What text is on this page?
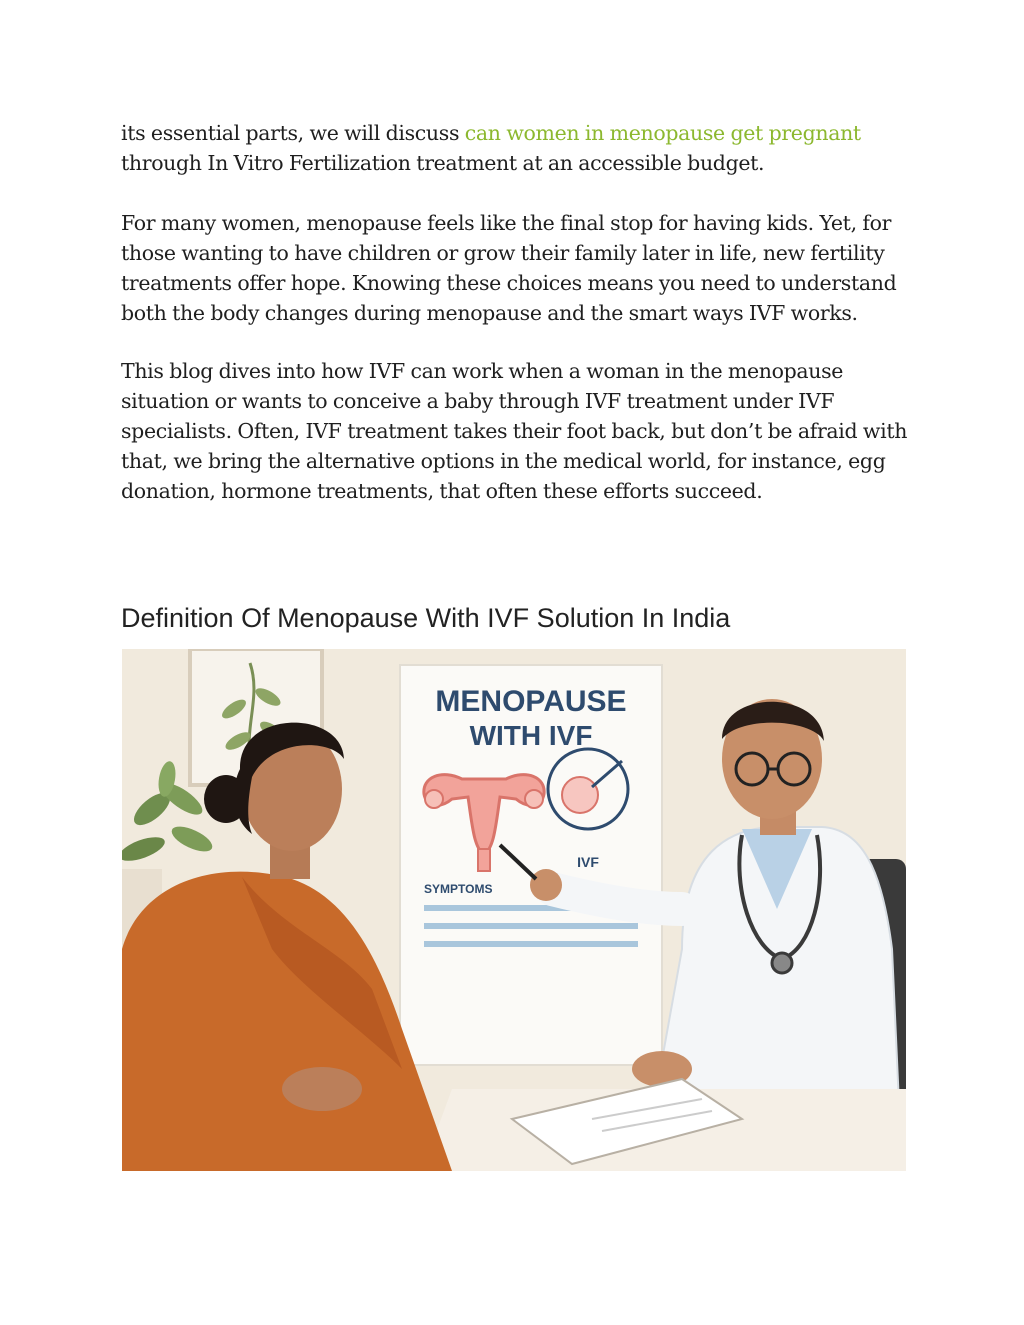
its essential parts, we will discuss can women in menopause get pregnant through In Vitro Fertilization treatment at an accessible budget.

For many women, menopause feels like the final stop for having kids. Yet, for those wanting to have children or grow their family later in life, new fertility treatments offer hope. Knowing these choices means you need to understand both the body changes during menopause and the smart ways IVF works.

This blog dives into how IVF can work when a woman in the menopause situation or wants to conceive a baby through IVF treatment under IVF specialists. Often, IVF treatment takes their foot back, but don’t be afraid with that, we bring the alternative options in the medical world, for instance, egg donation, hormone treatments, that often these efforts succeed.

Definition Of Menopause With IVF Solution In India
MENOPAUSE
WITH IVF
IVF
SYMPTOMS
